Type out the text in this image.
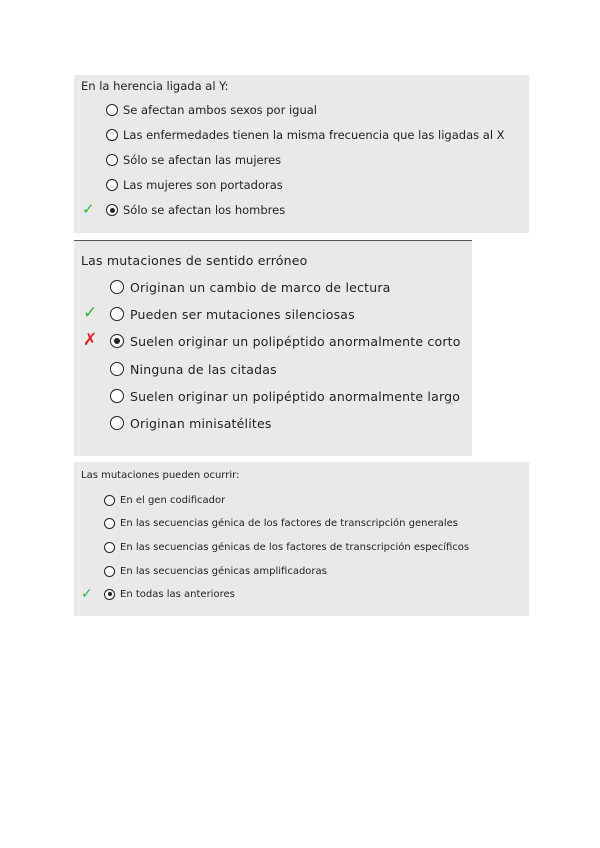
En la herencia ligada al Y:
Se afectan ambos sexos por igual
Las enfermedades tienen la misma frecuencia que las ligadas al X
Sólo se afectan las mujeres
Las mujeres son portadoras
✓ Sólo se afectan los hombres
Las mutaciones de sentido erróneo
Originan un cambio de marco de lectura
✓	Pueden ser mutaciones silenciosas
✗	Suelen originar un polipéptido anormalmente corto
Ninguna de las citadas
Suelen originar un polipéptido anormalmente largo
Originan minisatélites
Las mutaciones pueden ocurrir:
En el gen codificador
En las secuencias génica de los factores de transcripción generales
En las secuencias génicas de los factores de transcripción específicos
En las secuencias génicas amplificadoras
✓	En todas las anteriores
